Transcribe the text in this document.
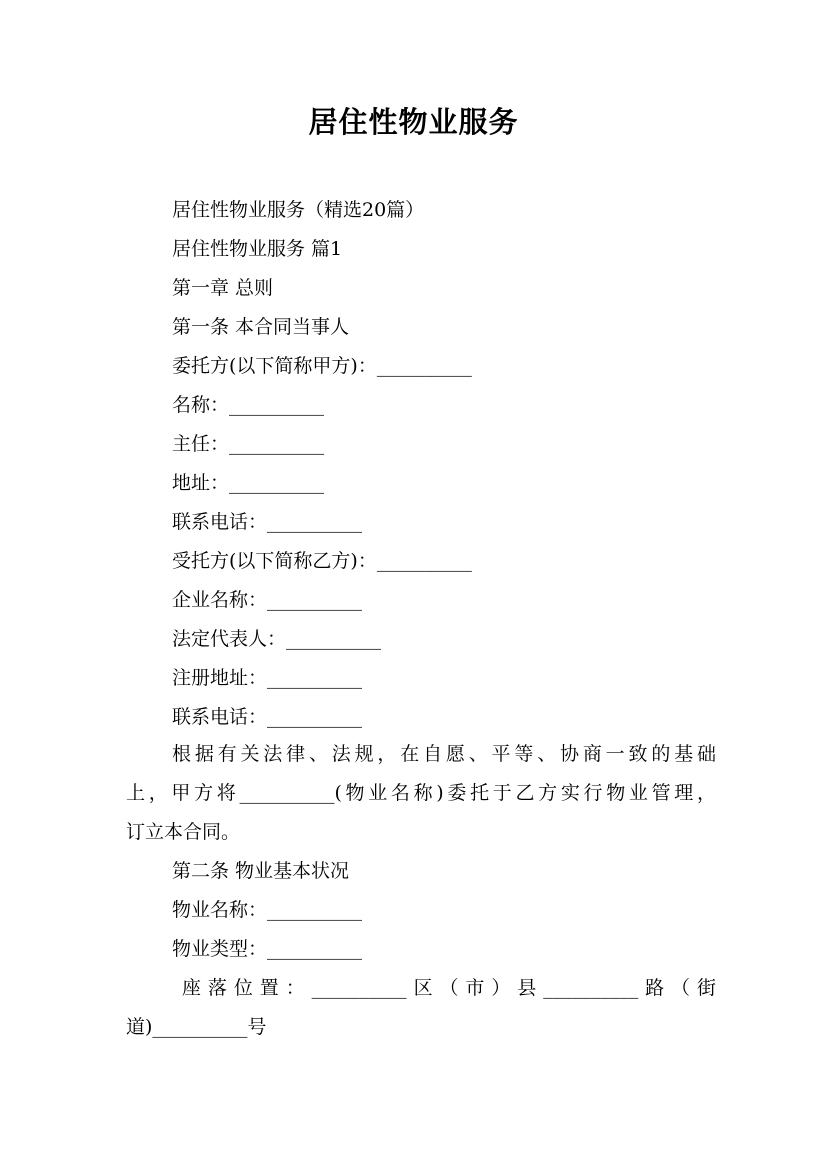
居住性物业服务
居住性物业服务（精选20篇）
居住性物业服务 篇1
第一章 总则
第一条 本合同当事人
委托方(以下简称甲方)：__________
名称：__________
主任：__________
地址：__________
联系电话：__________
受托方(以下简称乙方)：__________
企业名称：__________
法定代表人：__________
注册地址：__________
联系电话：__________
根据有关法律、法规，在自愿、平等、协商一致的基础
上，甲方将__________(物业名称)委托于乙方实行物业管理，
订立本合同。
第二条 物业基本状况
物业名称：__________
物业类型：__________
座落位置：__________区（市）县__________路（街
道)__________号
